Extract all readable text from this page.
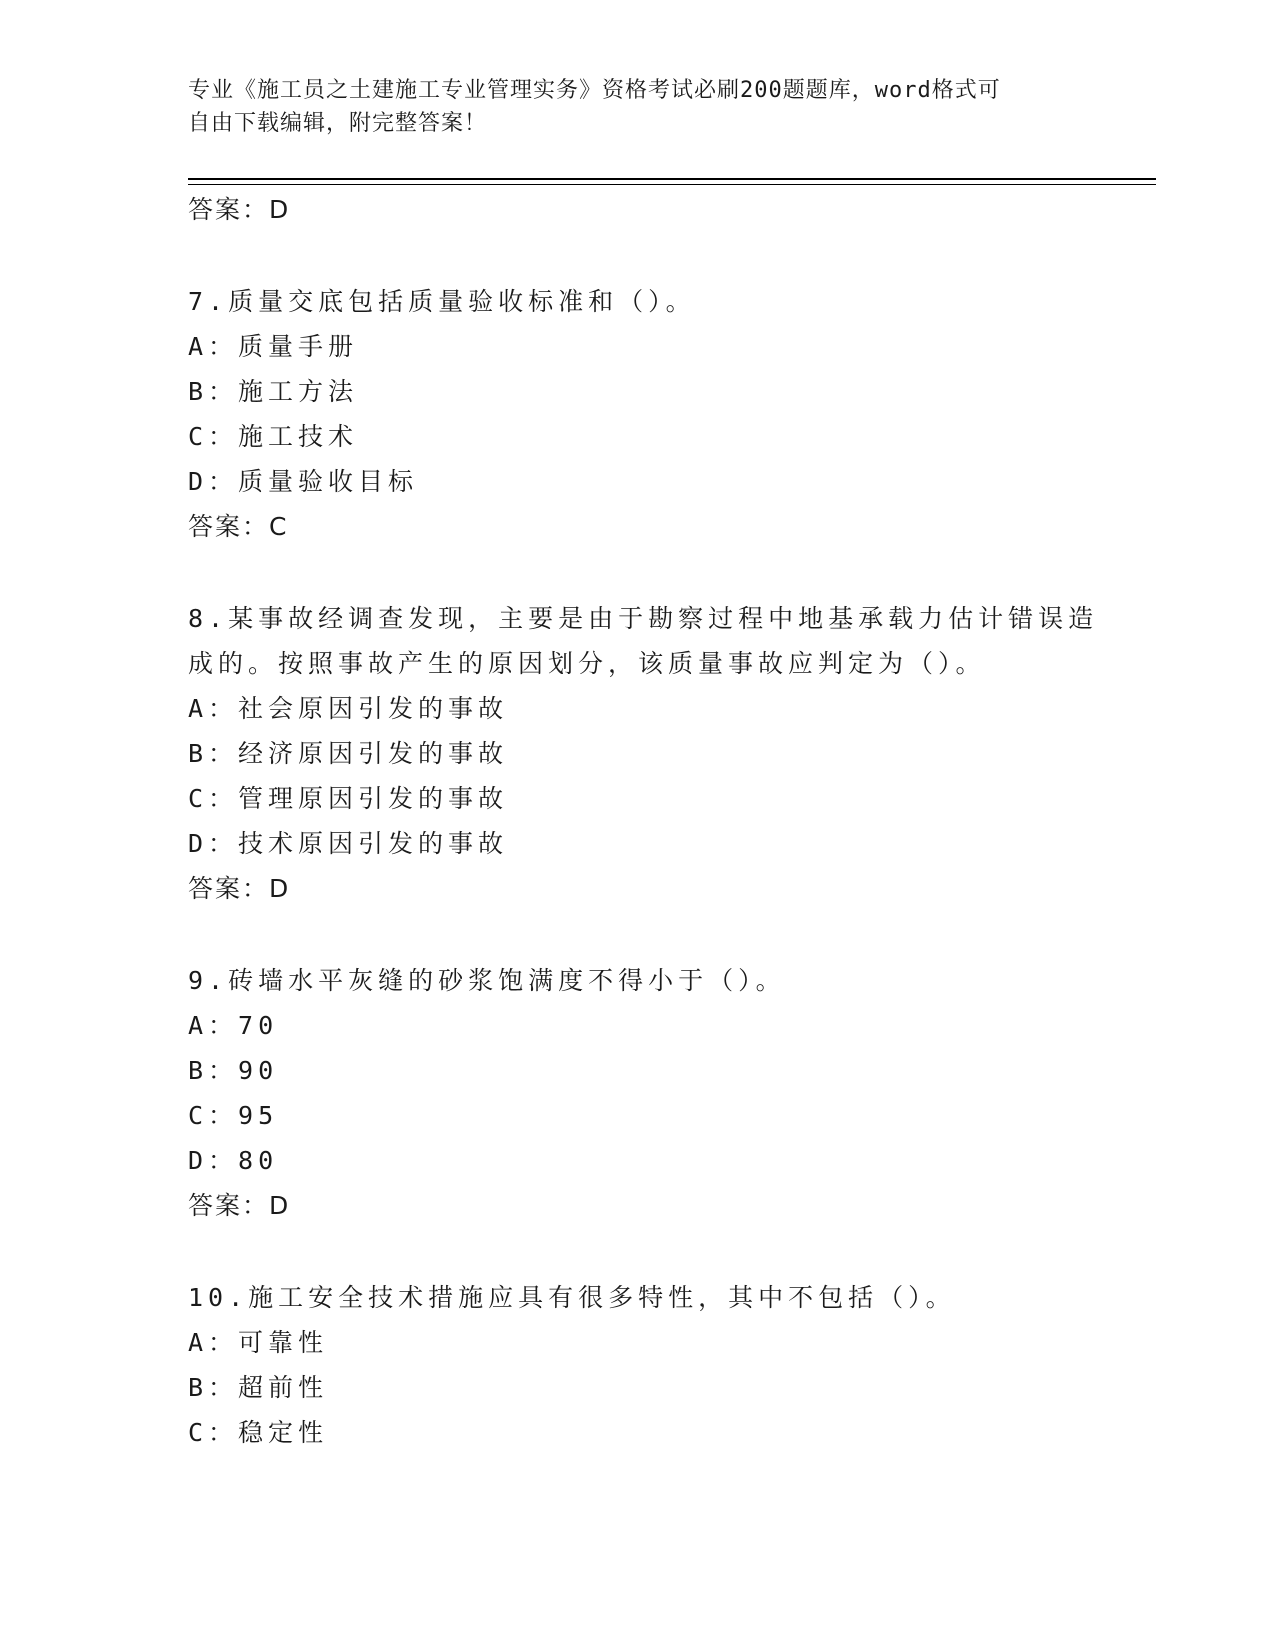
专业《施工员之土建施工专业管理实务》资格考试必刷200题题库，word格式可
自由下载编辑，附完整答案！
答案：D
7.质量交底包括质量验收标准和（）。
A：质量手册
B：施工方法
C：施工技术
D：质量验收目标
答案：C
8.某事故经调查发现，主要是由于勘察过程中地基承载力估计错误造
成的。按照事故产生的原因划分，该质量事故应判定为（）。
A：社会原因引发的事故
B：经济原因引发的事故
C：管理原因引发的事故
D：技术原因引发的事故
答案：D
9.砖墙水平灰缝的砂浆饱满度不得小于（）。
A：70
B：90
C：95
D：80
答案：D
10.施工安全技术措施应具有很多特性，其中不包括（）。
A：可靠性
B：超前性
C：稳定性
